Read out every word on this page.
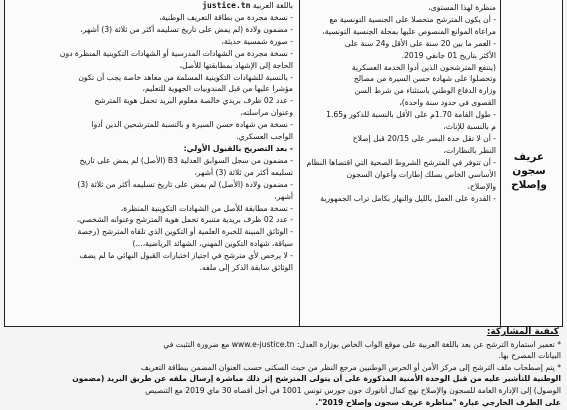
باللغة العربية justice.tn
- نسخة مجردة من بطاقة التعريف الوطنية،
- مضمون ولادة (لم يمض على تاريخ تسليمه أكثر من ثلاثة (3) أشهر،
- صورة شمسية حديثة،
- نسخة مجردة من الشهادات المدرسية أو الشهادات التكوينية المنظرة دون
الحاجة إلى الإشهاد بمطابقتها للأصل،
- بالنسبة للشهادات التكوينية المسلمة من معاهد خاصة يجب أن تكون
مؤشرا عليها من قبل المندوبيات الجهوية للتعليم،
- عدد 02 ظرف بريدي خالصة معلوم البريد تحمل هوية المترشح
وعنوان مراسلته،
- نسخة من شهادة حسن السيرة و بالنسبة للمترشحين الذين أدوا
الواجب العسكري.
- بعد التصريح بالقبول الأولي:
- مضمون من سجل السوابق العدلية B3 (الأصل) لم يمض على تاريخ
تسليمه أكثر من ثلاثة (3) أشهر،
- مضمون ولادة (الأصل) لم يمض على تاريخ تسليمه أكثر من ثلاثة (3)
أشهر،
- نسخة مطابقة للأصل من الشهادات التكوينية المنظرة،
- عدد 02 ظرف بريدية متنبرة تحمل هوية المترشح وعنوانه الشخصي،
- الوثائق المبينة للخبرة العلمية أو التكوين الذي تلقاه المترشح (رخصة
سياقة، شهادة التكوين المهني، الشهائد الرياضية،...)
- لا يرخص لأي مترشح في اجتياز اختبارات القبول النهائي ما لم يضف
الوثائق سابقة الذكر إلى ملفه.
منظرة لهذا المستوى،
- أن يكون المترشح متحصلا على الجنسية التونسية مع
مراعاة الموانع المنصوص عليها بمجلة الجنسية التونسية،
- العمر ما بين 20 سنة على الأقل و24 سنة على
الأكثر بتاريخ 01 جانفي 2019.
(ينتفع المترشحون الذين أدوا الخدمة العسكرية
وتحصلوا على شهادة حسن السيرة من مصالح
وزارة الدفاع الوطني باستثناء من شرط السن
القصوى في حدود سنة واحدة)،
- طول القامة 1.70م على الأقل بالنسبة للذكور و1.65
م بالنسبة للإناث،
- أن لا تقل حدة البصر على 20/15 قبل إصلاح
النظر بالنظارات،
- أن تتوفر في المترشح الشروط الصحية التي اقتضاها النظام
الأساسي الخاص بسلك إطارات وأعوان السجون
والإصلاح،
- القدرة على العمل بالليل والنهار بكامل تراب الجمهورية
عريف
سجون
وإصلاح
كيفية المشاركة:
* تعمير استمارة الترشح عن بعد باللغة العربية على موقع الواب الخاص بوزارة العدل: www.e-justice.tn مع ضرورة التثبت في
البيانات المصرح بها.
* يتم إصطحاب ملف الترشح إلى مركز الأمن أو الحرس الوطنيين مرجع النظر من حيث السكنى حسب العنوان المضمن ببطاقة التعريف
الوطنية للتأشير عليه من قبل الوحدة الأمنية المذكورة على أن يتولى المترشح إثر ذلك مباشرة إرسال ملفه عن طريق البريد (مضمون
الوصول) إلى الإدارة العامة للسجون والإصلاح نهج كمال أتاتورك جون جورس تونس 1001 في أجل أقصاه 30 ماي 2019 مع التنصيص
على الظرف الخارجي عبارة "مناظرة عريف سجون وإصلاح 2019".
